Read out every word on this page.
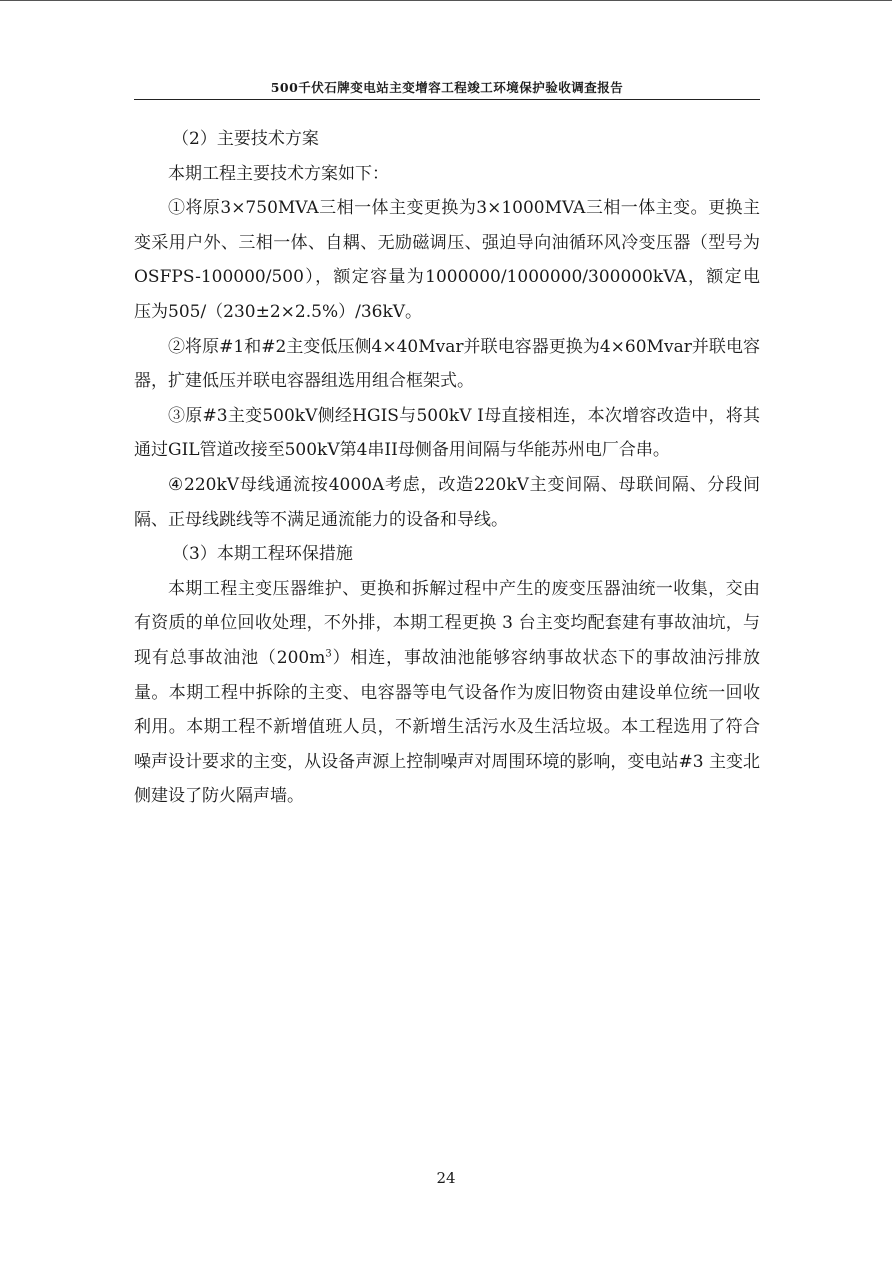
500千伏石牌变电站主变增容工程竣工环境保护验收调查报告

（2）主要技术方案

本期工程主要技术方案如下：

①将原3×750MVA三相一体主变更换为3×1000MVA三相一体主变。更换主变采用户外、三相一体、自耦、无励磁调压、强迫导向油循环风冷变压器（型号为OSFPS-100000/500），额定容量为1000000/1000000/300000kVA，额定电压为505/（230±2×2.5%）/36kV。

②将原#1和#2主变低压侧4×40Mvar并联电容器更换为4×60Mvar并联电容器，扩建低压并联电容器组选用组合框架式。

③原#3主变500kV侧经HGIS与500kV I母直接相连，本次增容改造中，将其通过GIL管道改接至500kV第4串II母侧备用间隔与华能苏州电厂合串。

④220kV母线通流按4000A考虑，改造220kV主变间隔、母联间隔、分段间隔、正母线跳线等不满足通流能力的设备和导线。

（3）本期工程环保措施

本期工程主变压器维护、更换和拆解过程中产生的废变压器油统一收集，交由有资质的单位回收处理，不外排，本期工程更换 3 台主变均配套建有事故油坑，与现有总事故油池$(200m^3)$相连，事故油池能够容纳事故状态下的事故油污排放量。本期工程中拆除的主变、电容器等电气设备作为废旧物资由建设单位统一回收利用。本期工程不新增值班人员，不新增生活污水及生活垃圾。本工程选用了符合噪声设计要求的主变，从设备声源上控制噪声对周围环境的影响，变电站#3 主变北侧建设了防火隔声墙。

24
